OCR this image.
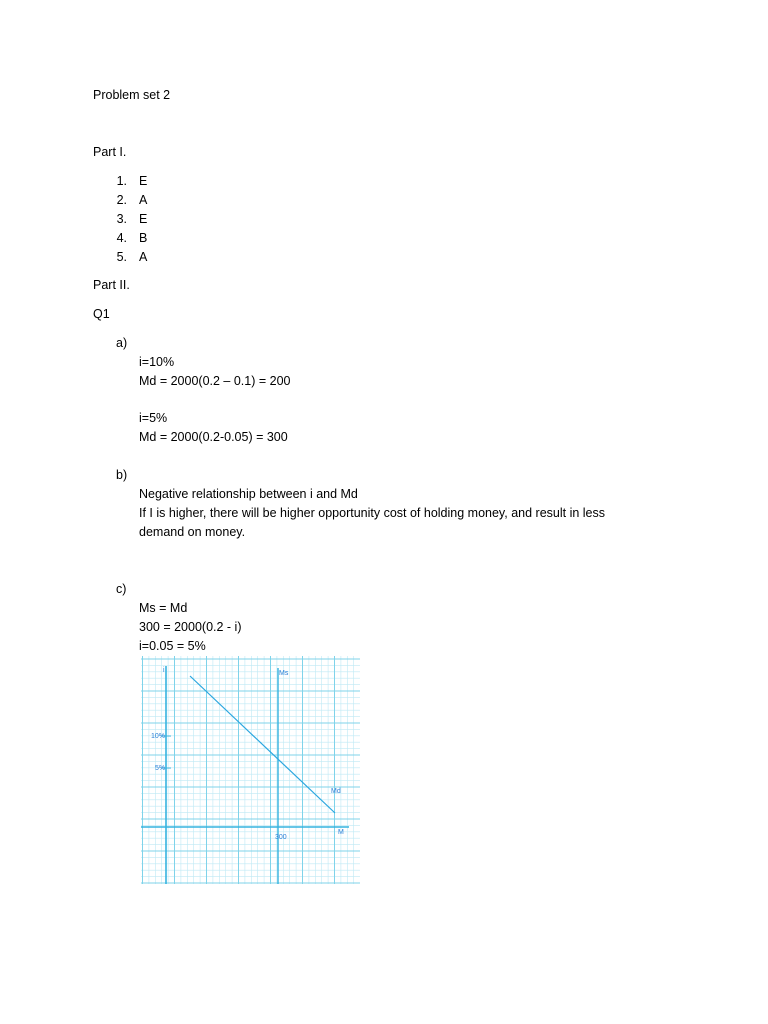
Problem set 2
Part I.
1. E
2. A
3. E
4. B
5. A
Part II.
Q1
a)
i=10%
Md = 2000(0.2 – 0.1) = 200
i=5%
Md = 2000(0.2-0.05) = 300
b)
Negative relationship between i and Md
If I is higher, there will be higher opportunity cost of holding money, and result in less
demand on money.
c)
Ms = Md
300 = 2000(0.2 - i)
i=0.05 = 5%
i	Ms
10%
5%
Md
M
300
